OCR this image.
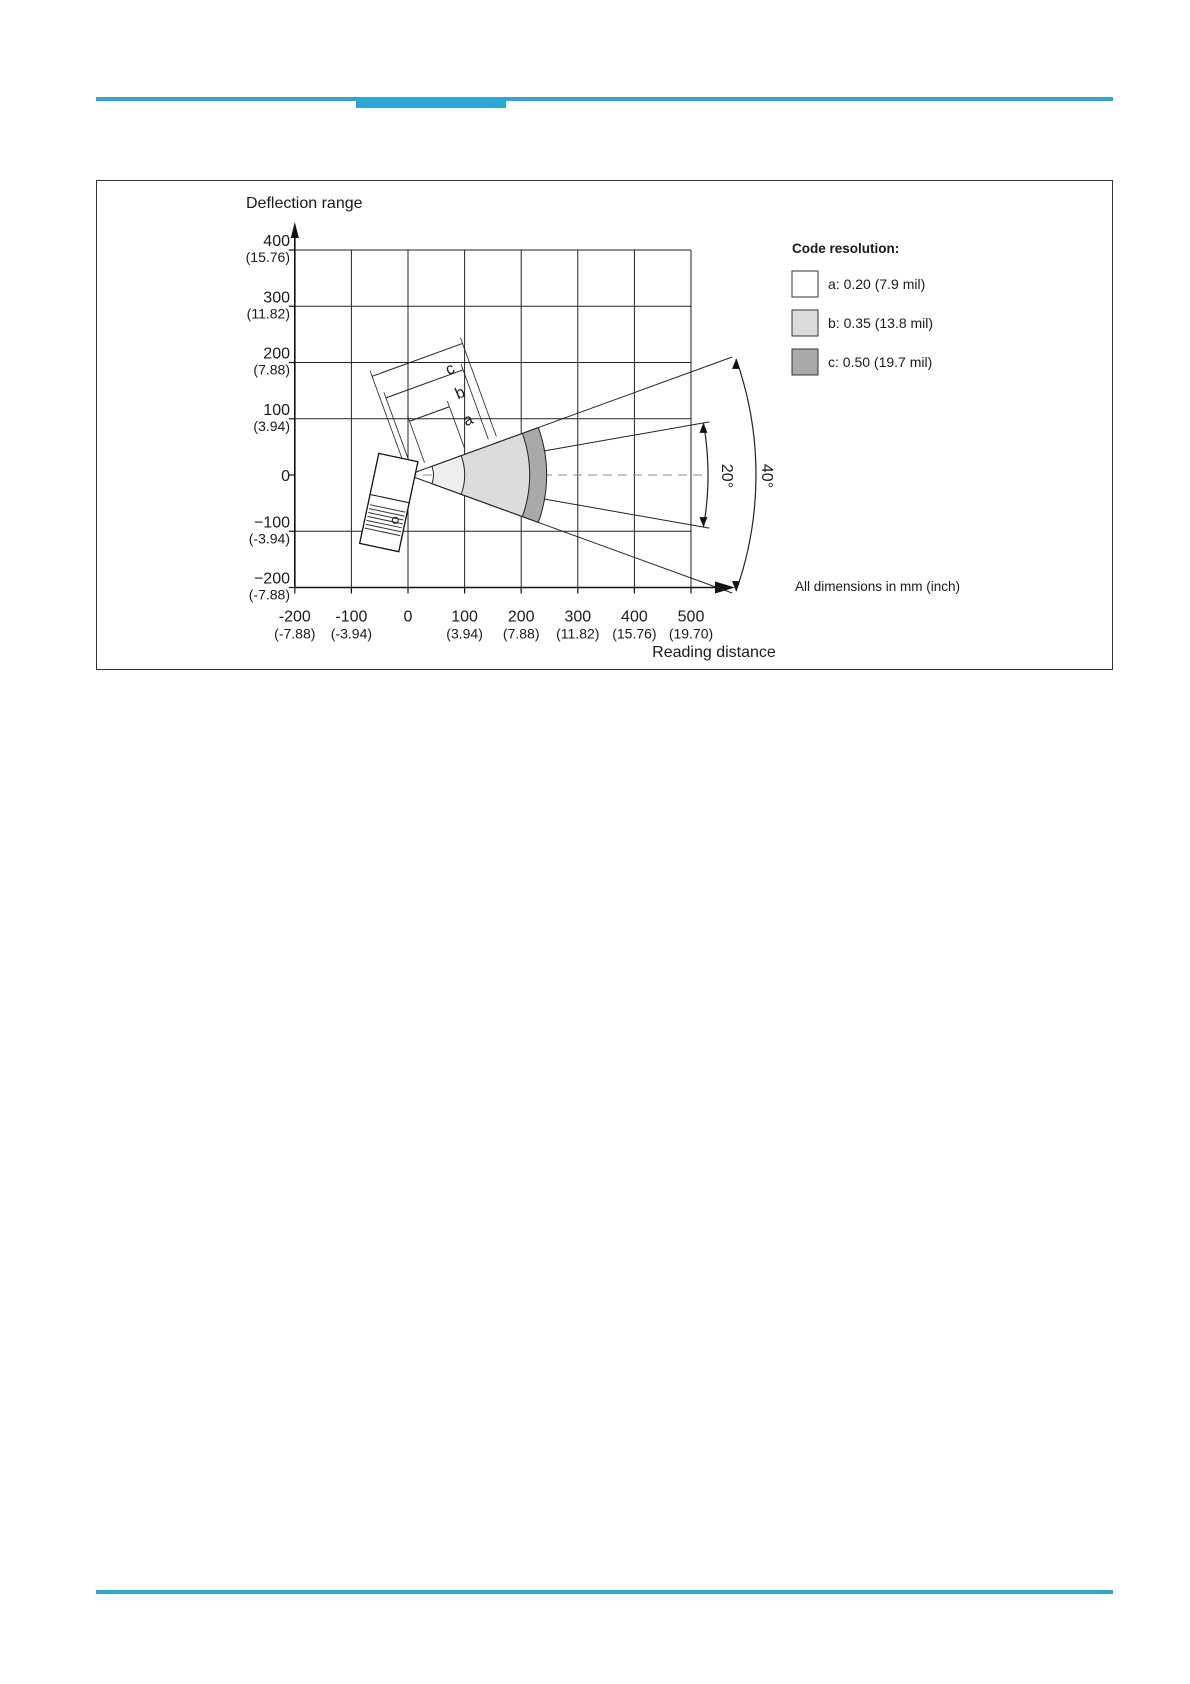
Deflection range
Reading distance
400
(15.76)
300
(11.82)
200
(7.88)
100
(3.94)
0
−100
(-3.94)
−200
(-7.88)
-200
(-7.88)
-100
(-3.94)
0 100
(3.94)
200
(7.88)
300
(11.82)
400
(15.76)
500
(19.70)
c
b
a
20° 40°
Code resolution:
a: 0.20 (7.9 mil)
b: 0.35 (13.8 mil)
c: 0.50 (19.7 mil)
All dimensions in mm (inch)
